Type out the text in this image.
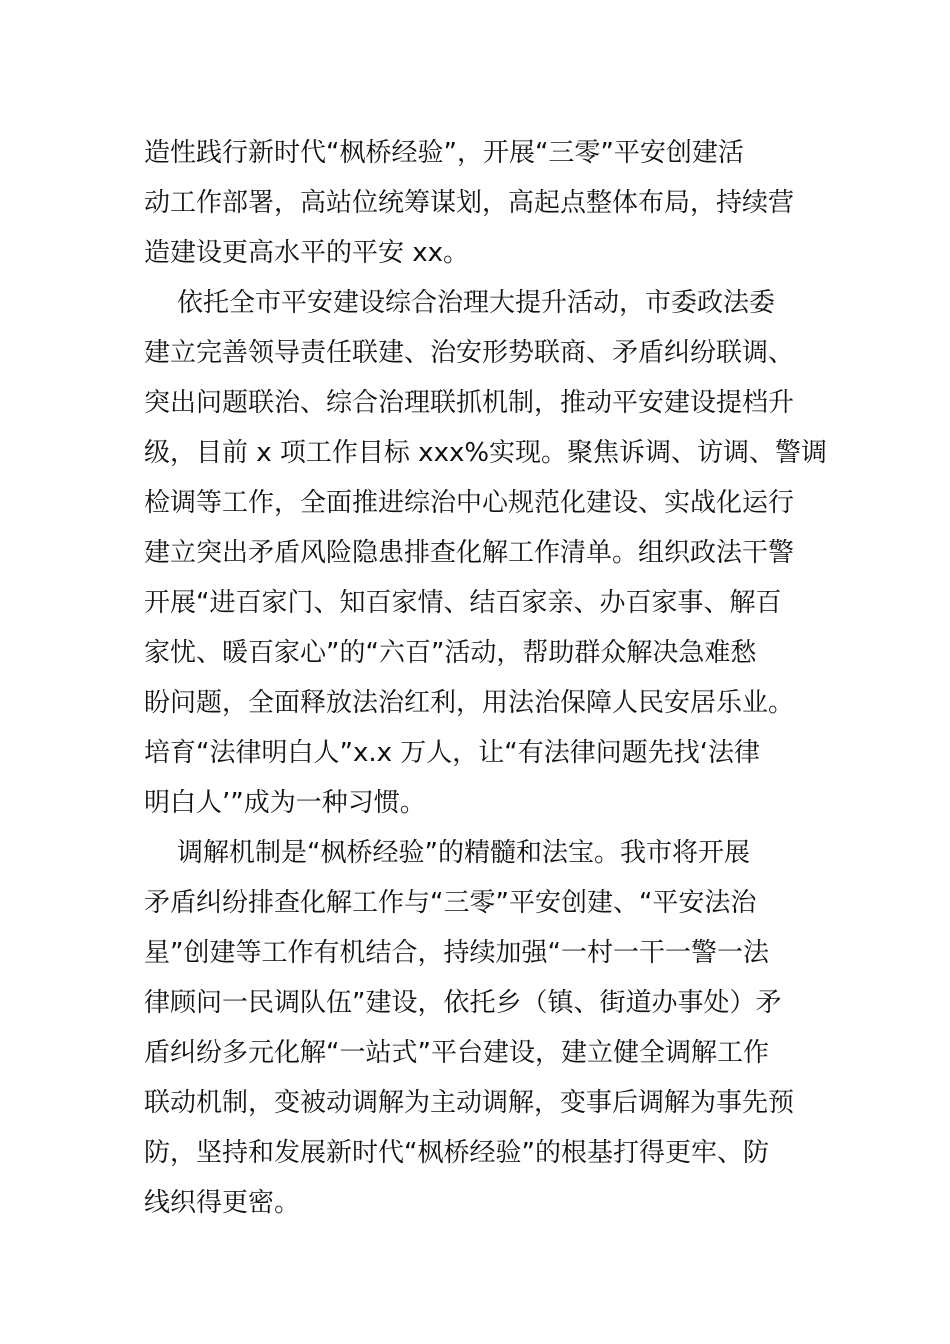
造性践行新时代“枫桥经验”，开展“三零”平安创建活
动工作部署，高站位统筹谋划，高起点整体布局，持续营
造建设更高水平的平安 xx。
依托全市平安建设综合治理大提升活动，市委政法委
建立完善领导责任联建、治安形势联商、矛盾纠纷联调、
突出问题联治、综合治理联抓机制，推动平安建设提档升
级，目前 x 项工作目标 xxx%实现。聚焦诉调、访调、警调
检调等工作，全面推进综治中心规范化建设、实战化运行
建立突出矛盾风险隐患排查化解工作清单。组织政法干警
开展“进百家门、知百家情、结百家亲、办百家事、解百
家忧、暖百家心”的“六百”活动，帮助群众解决急难愁
盼问题，全面释放法治红利，用法治保障人民安居乐业。
培育“法律明白人”x.x 万人，让“有法律问题先找‘法律
明白人’”成为一种习惯。
调解机制是“枫桥经验”的精髓和法宝。我市将开展
矛盾纠纷排查化解工作与“三零”平安创建、“平安法治
星”创建等工作有机结合，持续加强“一村一干一警一法
律顾问一民调队伍”建设，依托乡（镇、街道办事处）矛
盾纠纷多元化解“一站式”平台建设，建立健全调解工作
联动机制，变被动调解为主动调解，变事后调解为事先预
防，坚持和发展新时代“枫桥经验”的根基打得更牢、防
线织得更密。
